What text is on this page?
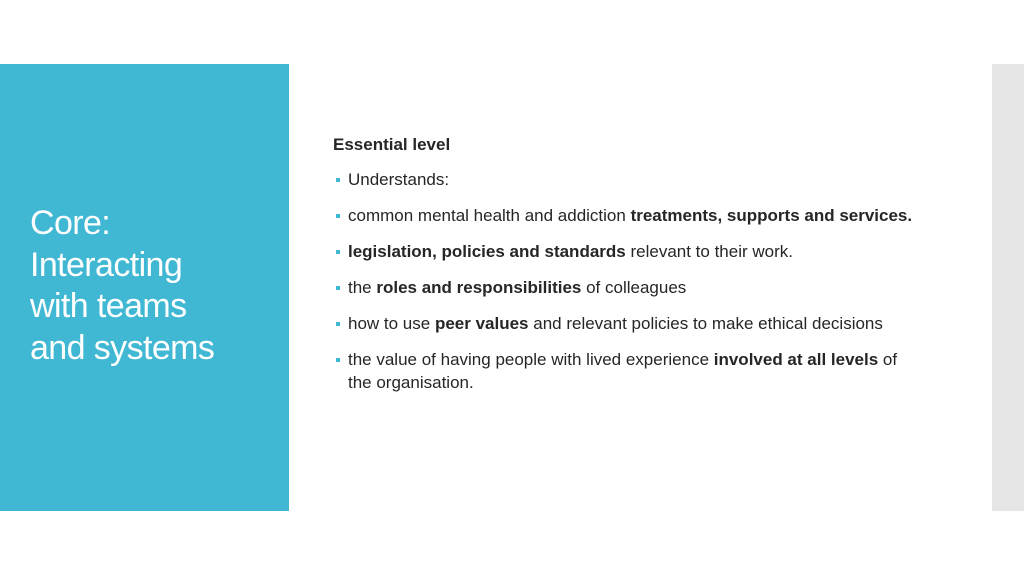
Core:
Interacting
with teams
and systems

Essential level

Understands:
common mental health and addiction treatments, supports and services.
legislation, policies and standards relevant to their work.
the roles and responsibilities of colleagues
how to use peer values and relevant policies to make ethical decisions
the value of having people with lived experience involved at all levels of the organisation.
